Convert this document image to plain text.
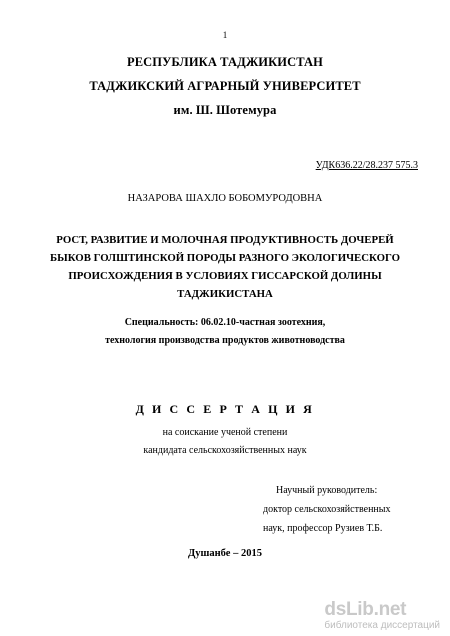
1
РЕСПУБЛИКА ТАДЖИКИСТАН
ТАДЖИКСКИЙ АГРАРНЫЙ УНИВЕРСИТЕТ
им. Ш. Шотемура
УДК636.22/28.237 575.3
НАЗАРОВА ШАХЛО БОБОМУРОДОВНА
РОСТ, РАЗВИТИЕ И МОЛОЧНАЯ ПРОДУКТИВНОСТЬ ДОЧЕРЕЙ
БЫКОВ ГОЛШТИНСКОЙ ПОРОДЫ РАЗНОГО ЭКОЛОГИЧЕСКОГО
ПРОИСХОЖДЕНИЯ В УСЛОВИЯХ ГИССАРСКОЙ ДОЛИНЫ
ТАДЖИКИСТАНА
Специальность: 06.02.10-частная зоотехния,
технология производства продуктов животноводства
Д И С С Е Р Т А Ц И Я
на соискание ученой степени
кандидата сельскохозяйственных наук
Научный руководитель:
доктор сельскохозяйственных
наук, профессор Рузиев Т.Б.
Душанбе – 2015
dsLib.net
библиотека диссертаций
